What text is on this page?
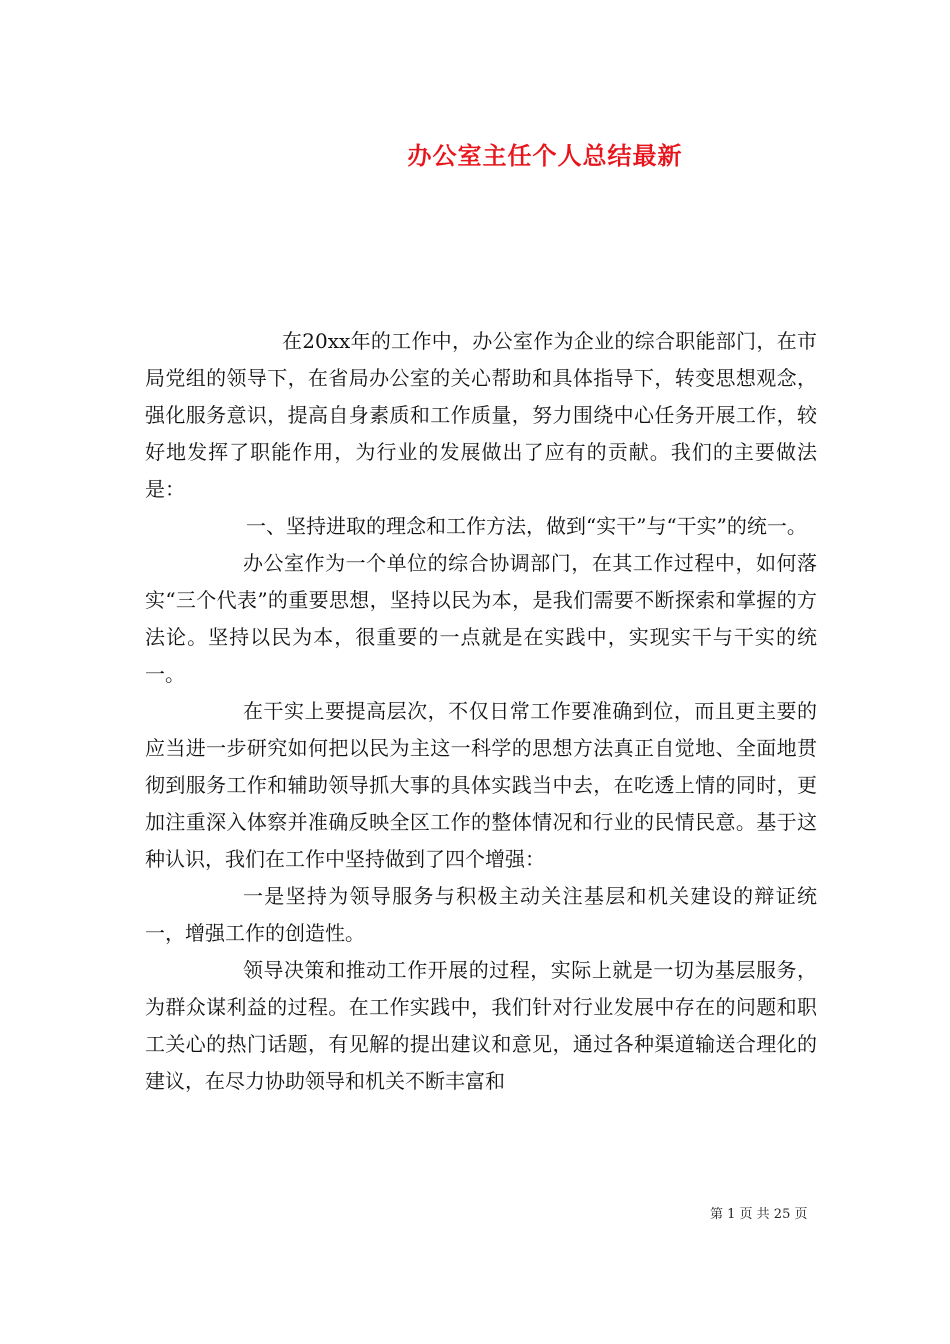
办公室主任个人总结最新

在20xx年的工作中，办公室作为企业的综合职能部门，在市局党组的领导下，在省局办公室的关心帮助和具体指导下，转变思想观念，强化服务意识，提高自身素质和工作质量，努力围绕中心任务开展工作，较好地发挥了职能作用，为行业的发展做出了应有的贡献。我们的主要做法是：

一、坚持进取的理念和工作方法，做到“实干”与“干实”的统一。

办公室作为一个单位的综合协调部门，在其工作过程中，如何落实“三个代表”的重要思想，坚持以民为本，是我们需要不断探索和掌握的方法论。坚持以民为本，很重要的一点就是在实践中，实现实干与干实的统一。

在干实上要提高层次，不仅日常工作要准确到位，而且更主要的应当进一步研究如何把以民为主这一科学的思想方法真正自觉地、全面地贯彻到服务工作和辅助领导抓大事的具体实践当中去，在吃透上情的同时，更加注重深入体察并准确反映全区工作的整体情况和行业的民情民意。基于这种认识，我们在工作中坚持做到了四个增强：

一是坚持为领导服务与积极主动关注基层和机关建设的辩证统一，增强工作的创造性。

领导决策和推动工作开展的过程，实际上就是一切为基层服务，为群众谋利益的过程。在工作实践中，我们针对行业发展中存在的问题和职工关心的热门话题，有见解的提出建议和意见，通过各种渠道输送合理化的建议，在尽力协助领导和机关不断丰富和

第 1 页 共 25 页
